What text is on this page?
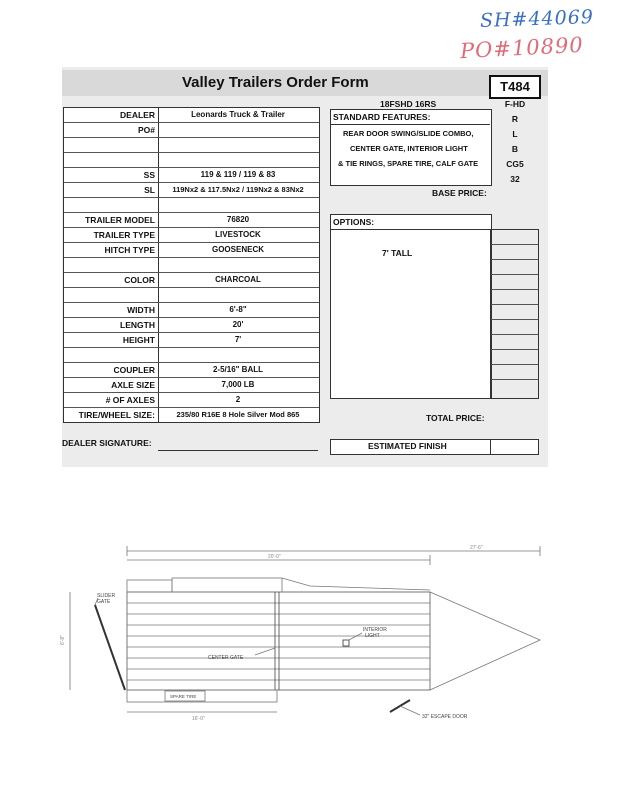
SH#44069
PO#10890
Valley Trailers Order Form	T484
18FSHD 16RS	F-HD
DEALER	Leonards Truck & Trailer
PO#
SS	119 & 119 / 119 & 83
SL	119Nx2 & 117.5Nx2 / 119Nx2 & 83Nx2
TRAILER MODEL	76820
TRAILER TYPE	LIVESTOCK
HITCH TYPE	GOOSENECK
COLOR	CHARCOAL
WIDTH	6'-8"
LENGTH	20'
HEIGHT	7'
COUPLER	2-5/16" BALL
AXLE SIZE	7,000 LB
# OF AXLES	2
TIRE/WHEEL SIZE:	235/80 R16E 8 Hole Silver Mod 865
DEALER SIGNATURE:
STANDARD FEATURES:
REAR DOOR SWING/SLIDE COMBO,
CENTER GATE, INTERIOR LIGHT
& TIE RINGS, SPARE TIRE, CALF GATE
R
L
B
CG5
32
BASE PRICE:
OPTIONS:
7' TALL
TOTAL PRICE:
ESTIMATED FINISH
27'-6"
20'-0"
6'-8"
16'-0"
SLIDER
GATE
INTERIOR
LIGHT
CENTER GATE
SPARE TIRE
32" ESCAPE DOOR
